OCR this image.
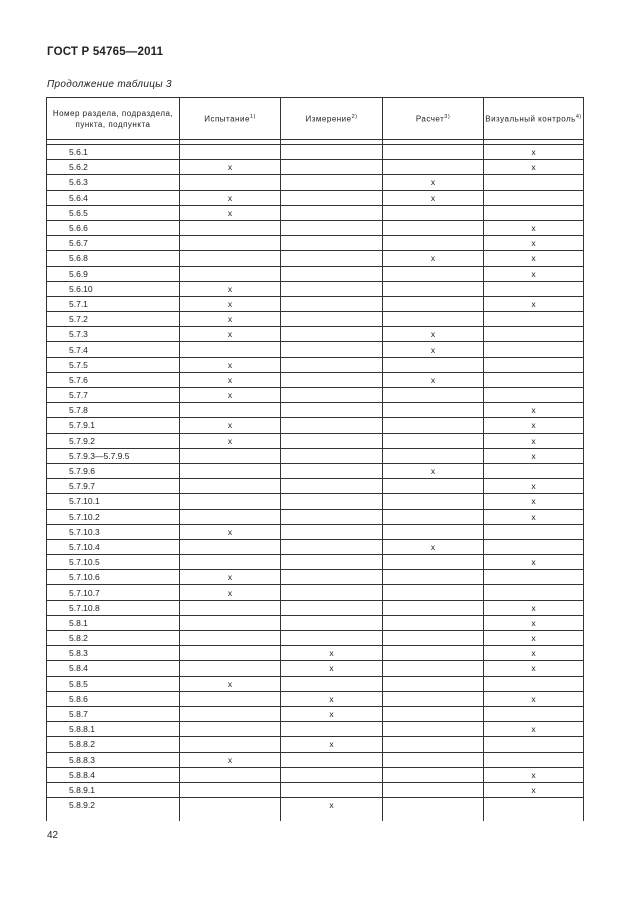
ГОСТ Р 54765—2011
Продолжение таблицы 3
Номер раздела, подраздела, пункта, подпункта	Испытание$^{1)}$	Измерение$^{2)}$	Расчет$^{3)}$	Визуальный контроль$^{4)}$

5.6.1				x
5.6.2	x			x
5.6.3			x	
5.6.4	x		x	
5.6.5	x			
5.6.6				x
5.6.7				x
5.6.8			x	x
5.6.9				x
5.6.10	x			
5.7.1	x			x
5.7.2	x			
5.7.3	x		x	
5.7.4			x	
5.7.5	x			
5.7.6	x		x	
5.7.7	x			
5.7.8				x
5.7.9.1	x			x
5.7.9.2	x			x
5.7.9.3—5.7.9.5				x
5.7.9.6			x	
5.7.9.7				x
5.7.10.1				x
5.7.10.2				x
5.7.10.3	x			
5.7.10.4			x	
5.7.10.5				x
5.7.10.6	x			
5.7.10.7	x			
5.7.10.8				x
5.8.1				x
5.8.2				x
5.8.3		x		x
5.8.4		x		x
5.8.5	x			
5.8.6		x		x
5.8.7		x		
5.8.8.1				x
5.8.8.2		x		
5.8.8.3	x			
5.8.8.4				x
5.8.9.1				x
5.8.9.2		x		
42
